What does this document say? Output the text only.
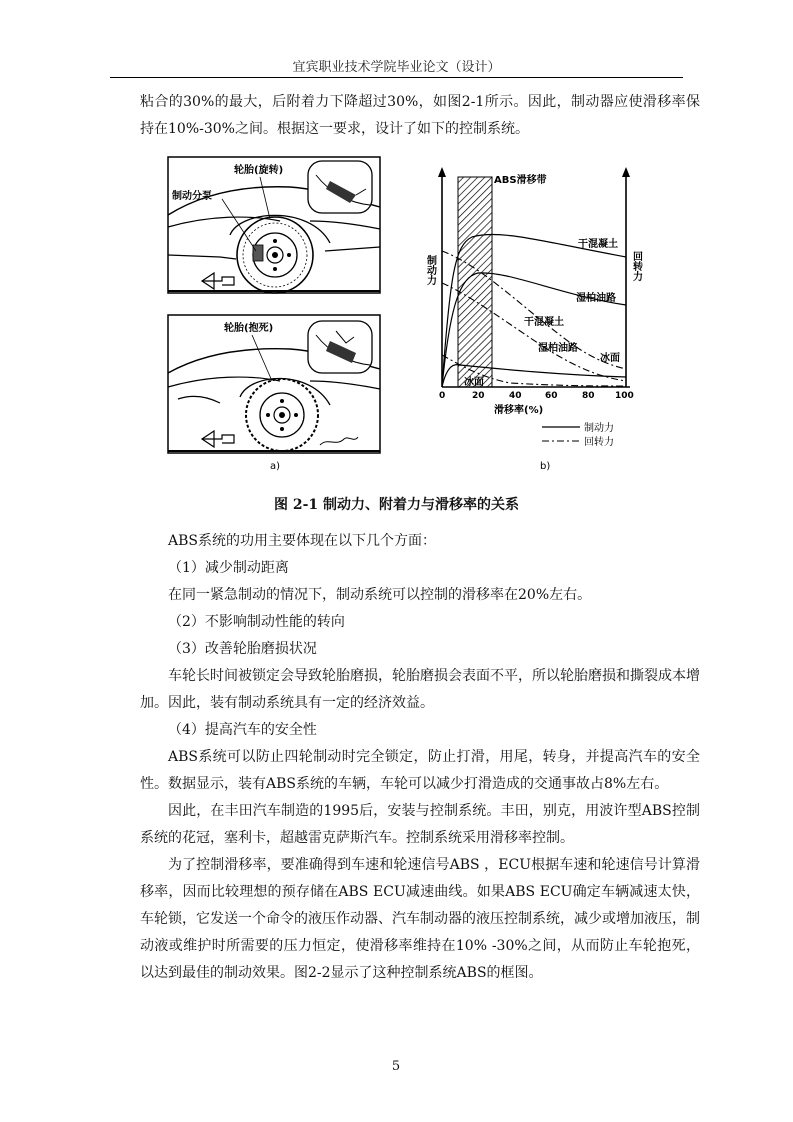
宜宾职业技术学院毕业论文（设计）

粘合的30%的最大，后附着力下降超过30%，如图2-1所示。因此，制动器应使滑移率保持在10%-30%之间。根据这一要求，设计了如下的控制系统。

轮胎(旋转)
制动分泵
轮胎(抱死)
a)
0	20	40	60	80 100
ABS滑移带
制动力	回转力
干混凝土
湿柏油路
干混凝土
湿柏油路
冰面
冰面
滑移率(%)
制动力
回转力
b)
图 2-1 制动力、附着力与滑移率的关系

ABS系统的功用主要体现在以下几个方面：

（1）减少制动距离

在同一紧急制动的情况下，制动系统可以控制的滑移率在20%左右。

（2）不影响制动性能的转向

（3）改善轮胎磨损状况

车轮长时间被锁定会导致轮胎磨损，轮胎磨损会表面不平，所以轮胎磨损和撕裂成本增加。因此，装有制动系统具有一定的经济效益。

（4）提高汽车的安全性

ABS系统可以防止四轮制动时完全锁定，防止打滑，用尾，转身，并提高汽车的安全性。数据显示，装有ABS系统的车辆，车轮可以减少打滑造成的交通事故占8%左右。

因此，在丰田汽车制造的1995后，安装与控制系统。丰田，别克，用波许型ABS控制系统的花冠，塞利卡，超越雷克萨斯汽车。控制系统采用滑移率控制。

为了控制滑移率，要准确得到车速和轮速信号ABS ，ECU根据车速和轮速信号计算滑移率，因而比较理想的预存储在ABS ECU减速曲线。如果ABS ECU确定车辆减速太快，车轮锁，它发送一个命令的液压作动器、汽车制动器的液压控制系统，减少或增加液压，制动液或维护时所需要的压力恒定，使滑移率维持在10% -30%之间，从而防止车轮抱死，以达到最佳的制动效果。图2-2显示了这种控制系统ABS的框图。

5
